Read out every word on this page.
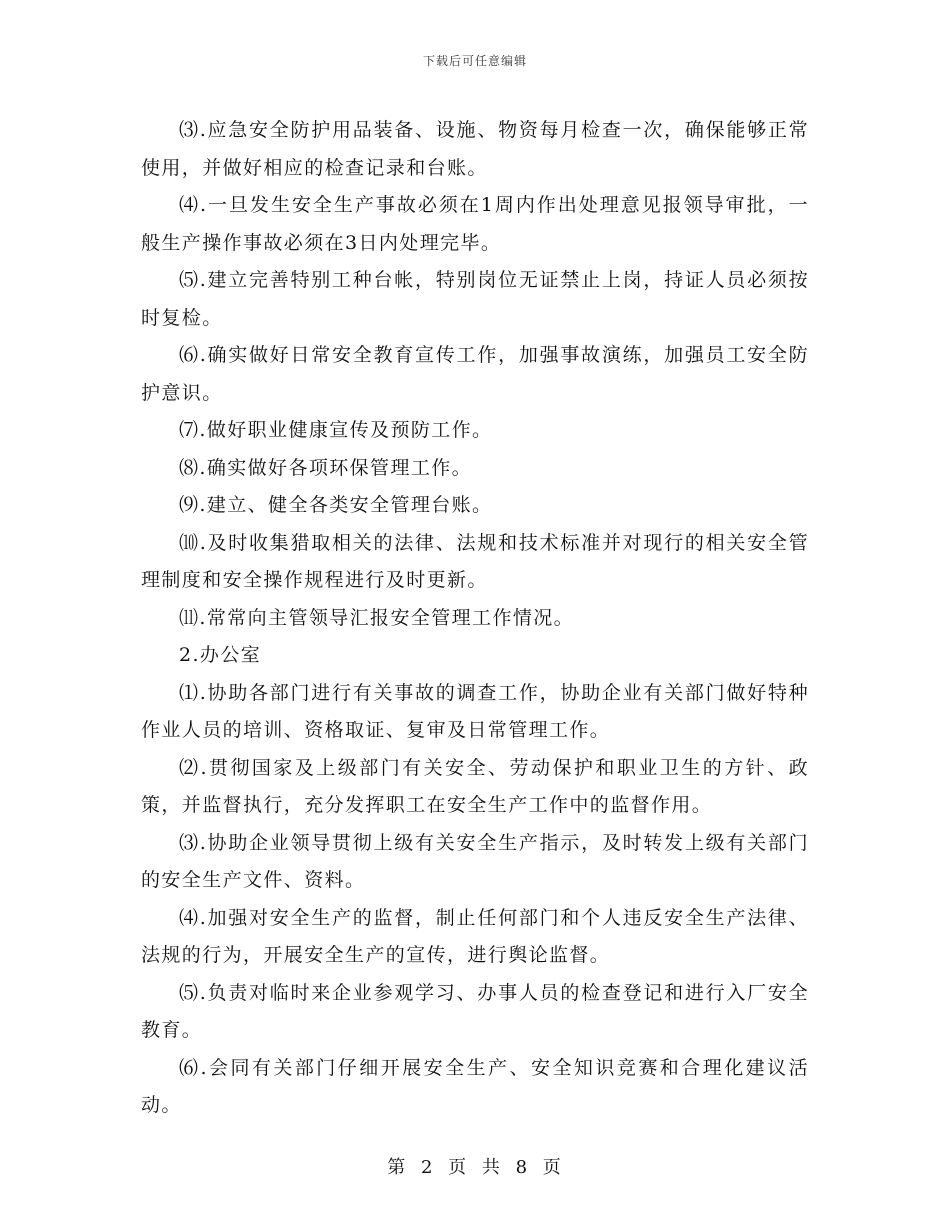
下载后可任意编辑

⑶.应急安全防护用品装备、设施、物资每月检查一次，确保能够正常使用，并做好相应的检查记录和台账。

⑷.一旦发生安全生产事故必须在1周内作出处理意见报领导审批，一般生产操作事故必须在3日内处理完毕。

⑸.建立完善特别工种台帐，特别岗位无证禁止上岗，持证人员必须按时复检。

⑹.确实做好日常安全教育宣传工作，加强事故演练，加强员工安全防护意识。

⑺.做好职业健康宣传及预防工作。

⑻.确实做好各项环保管理工作。

⑼.建立、健全各类安全管理台账。

⑽.及时收集猎取相关的法律、法规和技术标准并对现行的相关安全管理制度和安全操作规程进行及时更新。

⑾.常常向主管领导汇报安全管理工作情况。

2.办公室

⑴.协助各部门进行有关事故的调查工作，协助企业有关部门做好特种作业人员的培训、资格取证、复审及日常管理工作。

⑵.贯彻国家及上级部门有关安全、劳动保护和职业卫生的方针、政策，并监督执行，充分发挥职工在安全生产工作中的监督作用。

⑶.协助企业领导贯彻上级有关安全生产指示，及时转发上级有关部门的安全生产文件、资料。

⑷.加强对安全生产的监督，制止任何部门和个人违反安全生产法律、法规的行为，开展安全生产的宣传，进行舆论监督。

⑸.负责对临时来企业参观学习、办事人员的检查登记和进行入厂安全教育。

⑹.会同有关部门仔细开展安全生产、安全知识竞赛和合理化建议活动。

第 2 页 共 8 页
